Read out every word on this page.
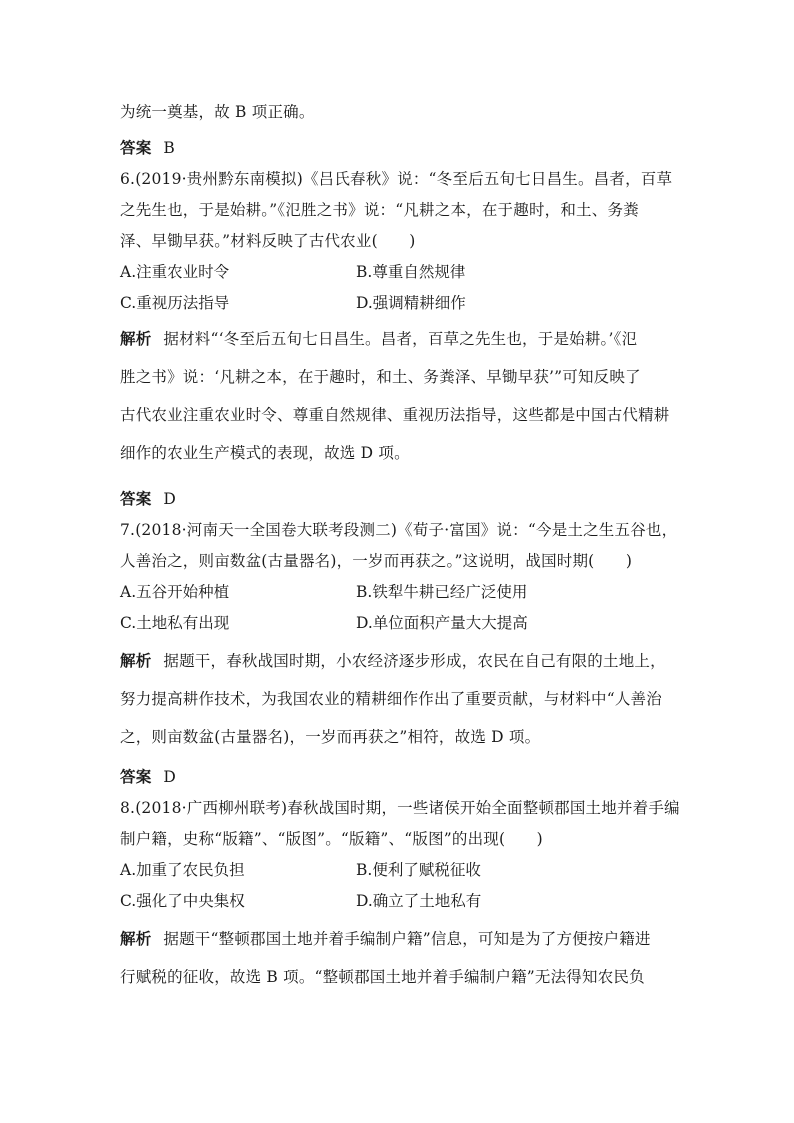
为统一奠基，故 B 项正确。
答案 B
6.(2019·贵州黔东南模拟)《吕氏春秋》说：“冬至后五旬七日昌生。昌者，百草
之先生也，于是始耕。”《氾胜之书》说：“凡耕之本，在于趣时，和土、务粪
泽、早锄早获。”材料反映了古代农业(　　)
A.注重农业时令	B.尊重自然规律
C.重视历法指导	D.强调精耕细作
解析 据材料“‘冬至后五旬七日昌生。昌者，百草之先生也，于是始耕。’《氾
胜之书》说：‘凡耕之本，在于趣时，和土、务粪泽、早锄早获’”可知反映了
古代农业注重农业时令、尊重自然规律、重视历法指导，这些都是中国古代精耕
细作的农业生产模式的表现，故选 D 项。
答案 D
7.(2018·河南天一全国卷大联考段测二)《荀子·富国》说：“今是土之生五谷也，
人善治之，则亩数盆(古量器名)，一岁而再获之。”这说明，战国时期(　　)
A.五谷开始种植	B.铁犁牛耕已经广泛使用
C.土地私有出现	D.单位面积产量大大提高
解析 据题干，春秋战国时期，小农经济逐步形成，农民在自己有限的土地上，
努力提高耕作技术，为我国农业的精耕细作作出了重要贡献，与材料中“人善治
之，则亩数盆(古量器名)，一岁而再获之”相符，故选 D 项。
答案 D
8.(2018·广西柳州联考)春秋战国时期，一些诸侯开始全面整顿郡国土地并着手编
制户籍，史称“版籍”、“版图”。“版籍”、“版图”的出现(　　)
A.加重了农民负担	B.便利了赋税征收
C.强化了中央集权	D.确立了土地私有
解析 据题干“整顿郡国土地并着手编制户籍”信息，可知是为了方便按户籍进
行赋税的征收，故选 B 项。“整顿郡国土地并着手编制户籍”无法得知农民负
